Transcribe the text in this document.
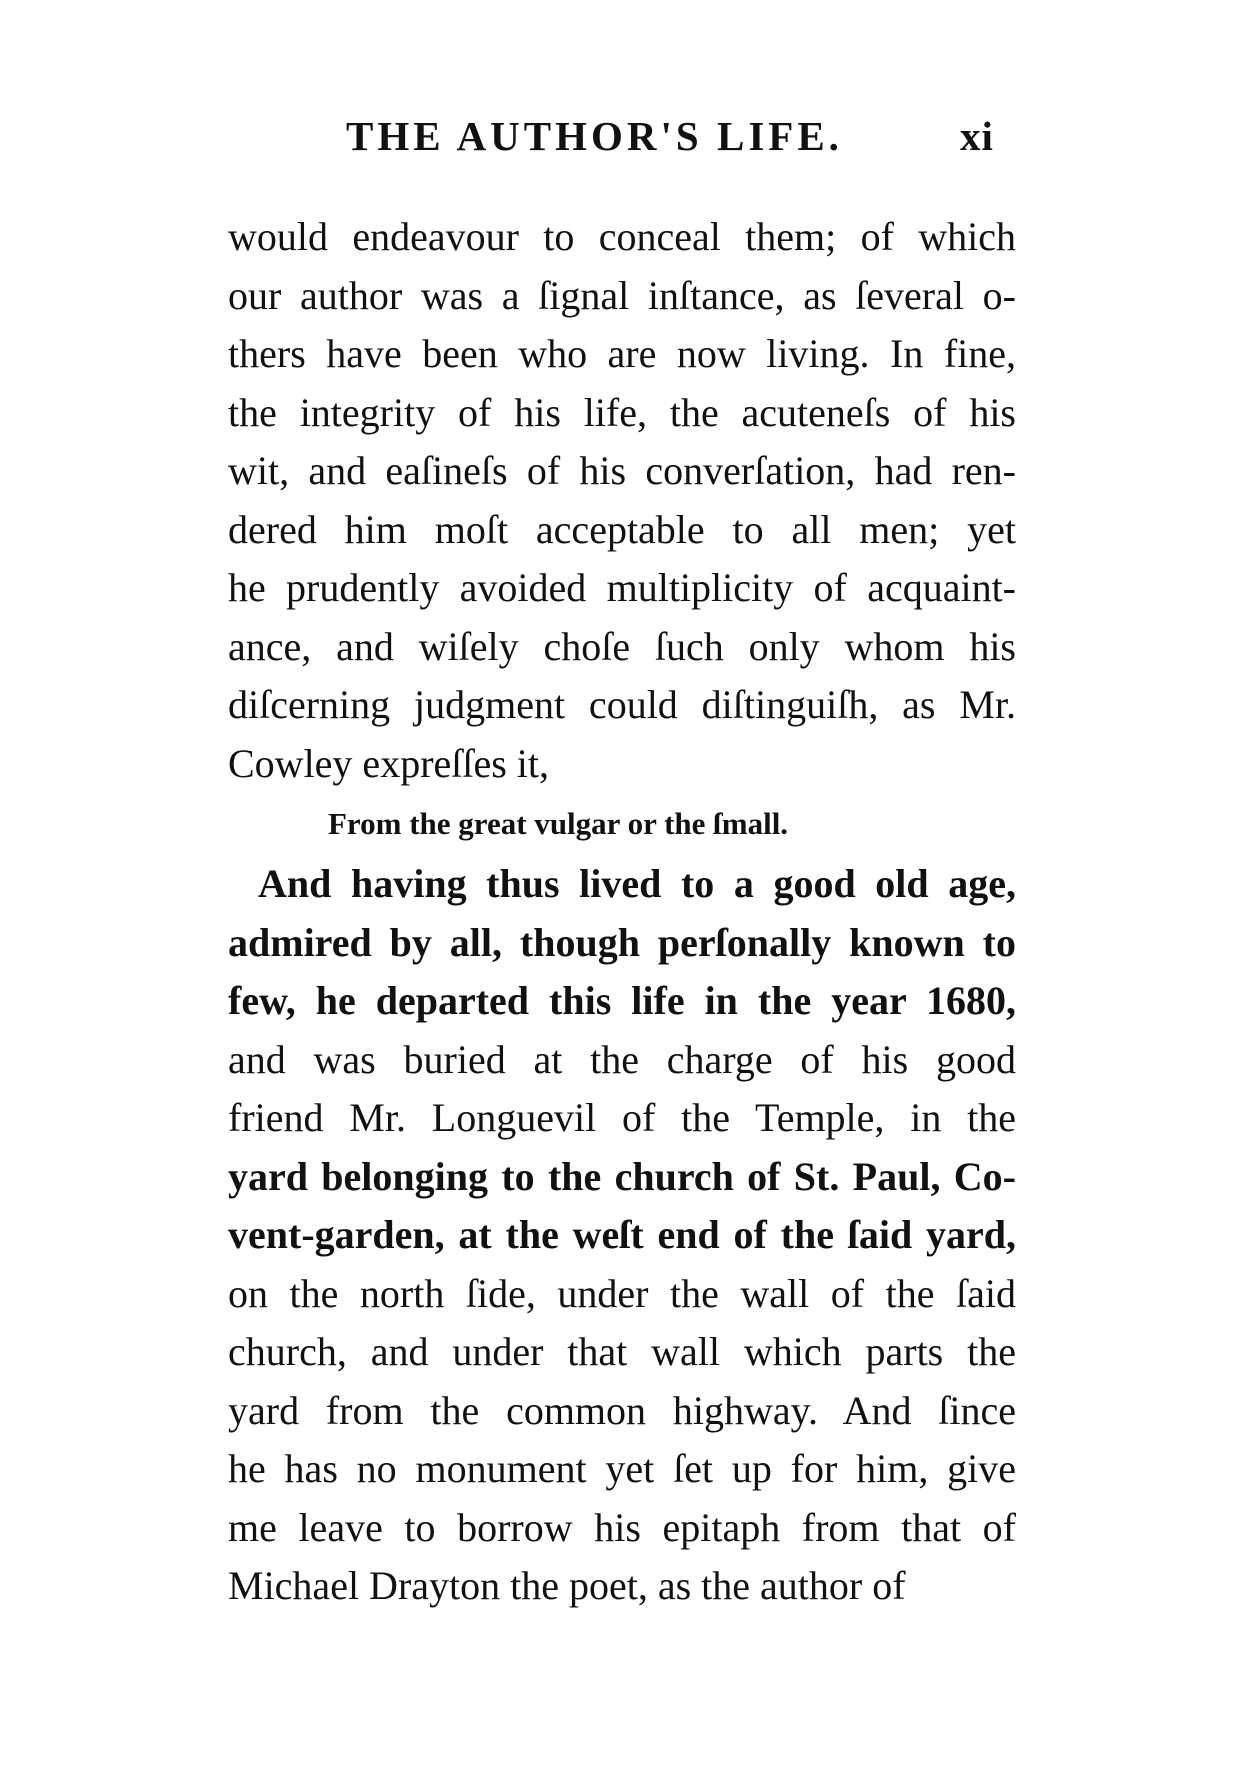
THE AUTHOR'S LIFE.	xi
would endeavour to conceal them; of which
our author was a ſignal inſtance, as ſeveral o-
thers have been who are now living. In fine,
the integrity of his life, the acuteneſs of his
wit, and eaſineſs of his converſation, had ren-
dered him moſt acceptable to all men; yet
he prudently avoided multiplicity of acquaint-
ance, and wiſely choſe ſuch only whom his
diſcerning judgment could diſtinguiſh, as Mr.
Cowley expreſſes it,
From the great vulgar or the ſmall.
And having thus lived to a good old age,
admired by all, though perſonally known to
few, he departed this life in the year 1680,
and was buried at the charge of his good
friend Mr. Longuevil of the Temple, in the
yard belonging to the church of St. Paul, Co-
vent-garden, at the weſt end of the ſaid yard,
on the north ſide, under the wall of the ſaid
church, and under that wall which parts the
yard from the common highway. And ſince
he has no monument yet ſet up for him, give
me leave to borrow his epitaph from that of
Michael Drayton the poet, as the author of
